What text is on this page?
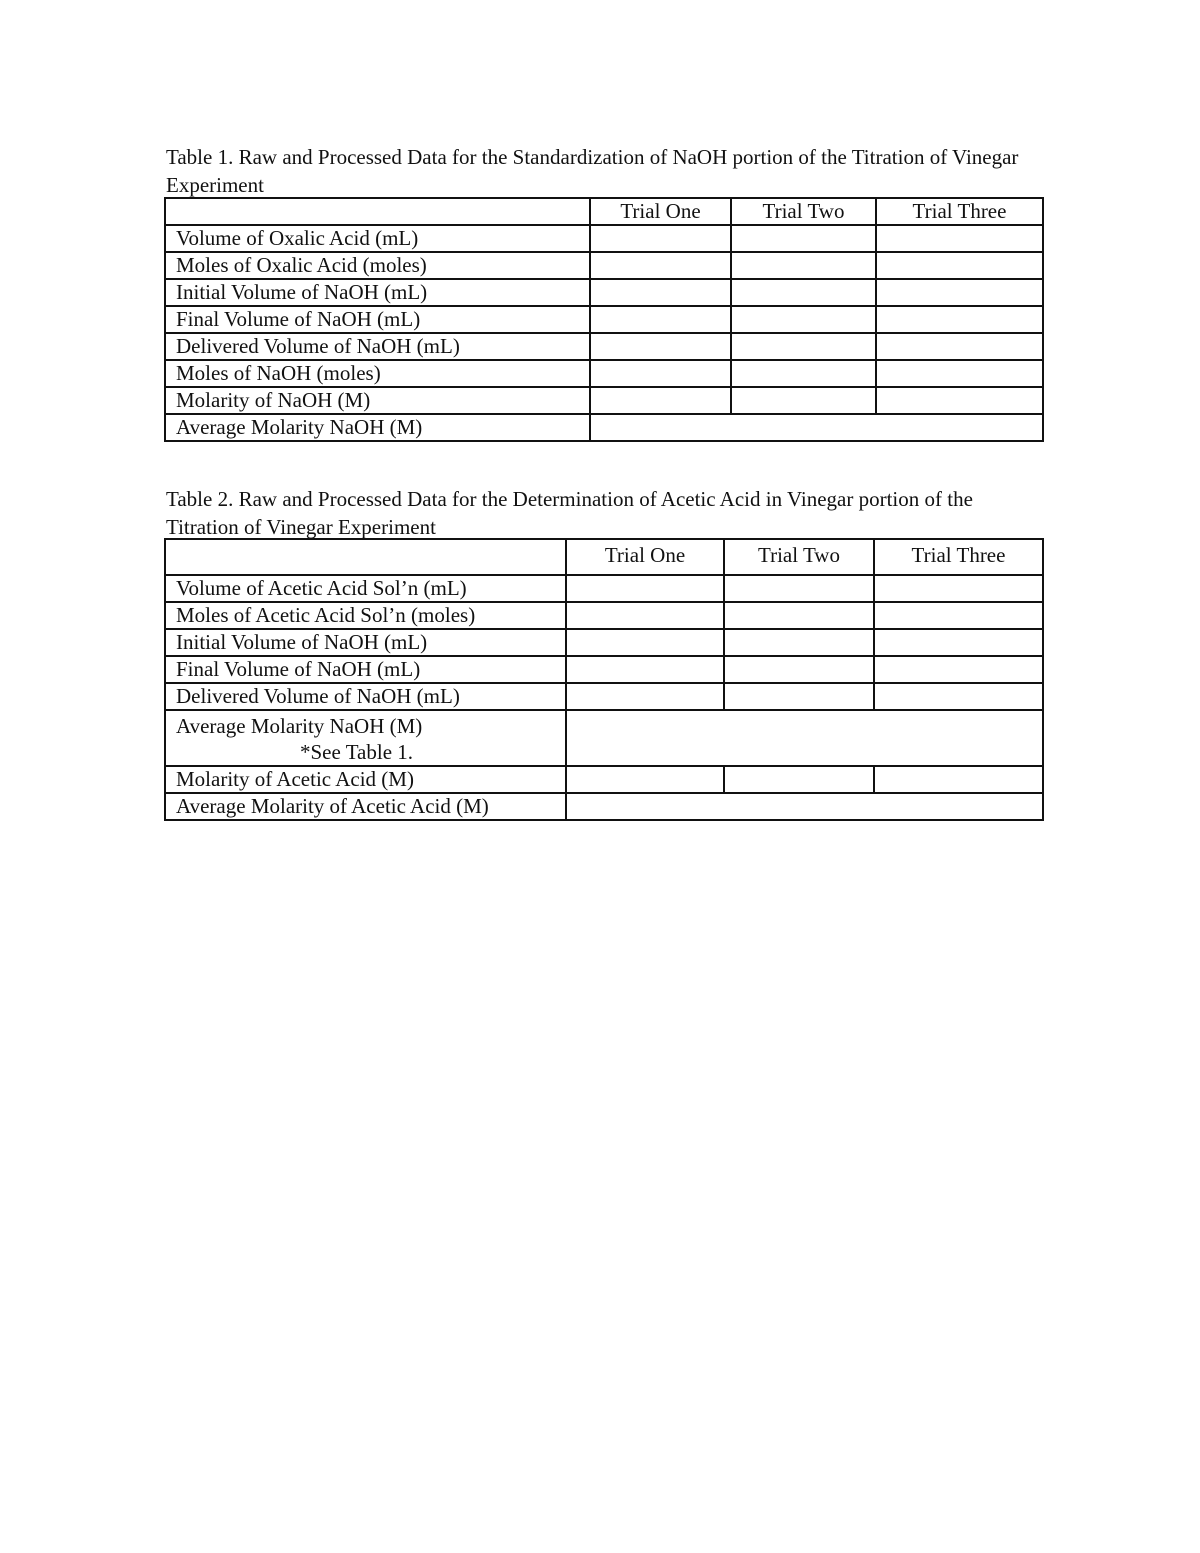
Table 1. Raw and Processed Data for the Standardization of NaOH portion of the Titration of Vinegar Experiment

	Trial One	Trial Two	Trial Three
Volume of Oxalic Acid (mL)			
Moles of Oxalic Acid (moles)			
Initial Volume of NaOH (mL)			
Final Volume of NaOH (mL)			
Delivered Volume of NaOH (mL)			
Moles of NaOH (moles)			
Molarity of NaOH (M)			
Average Molarity NaOH (M)			

Table 2. Raw and Processed Data for the Determination of Acetic Acid in Vinegar portion of the Titration of Vinegar Experiment

	Trial One	Trial Two	Trial Three
Volume of Acetic Acid Sol’n (mL)			
Moles of Acetic Acid Sol’n (moles)			
Initial Volume of NaOH (mL)			
Final Volume of NaOH (mL)			
Delivered Volume of NaOH (mL)			
Average Molarity NaOH (M)
*See Table 1.			

Molarity of Acetic Acid (M)			
Average Molarity of Acetic Acid (M)			
